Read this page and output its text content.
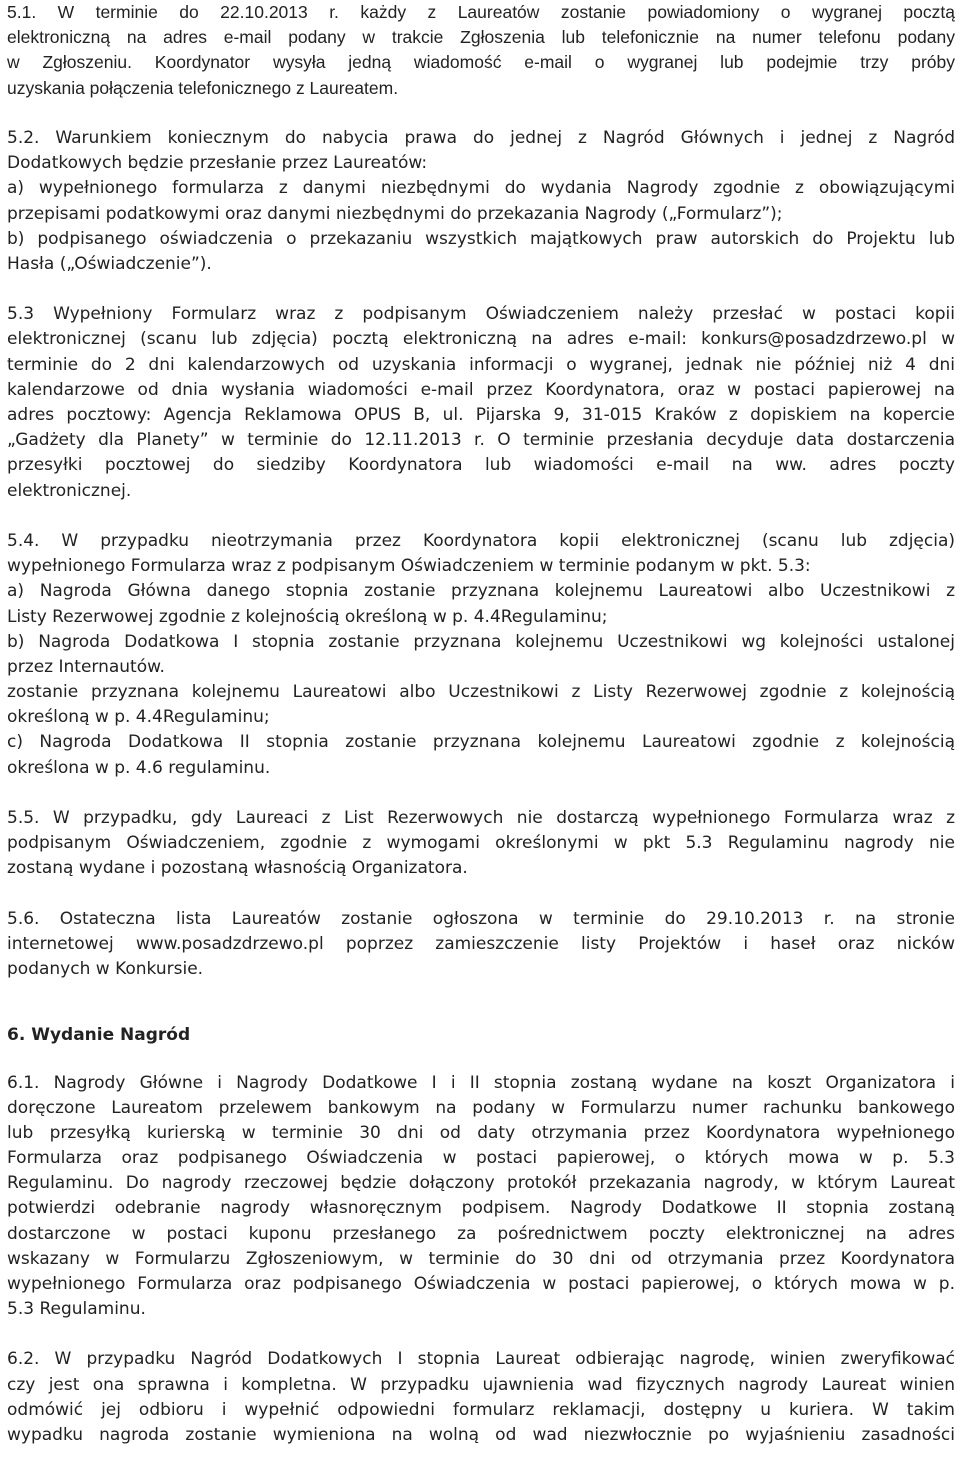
5.1. W terminie do 22.10.2013 r. każdy z Laureatów zostanie powiadomiony o wygranej pocztą
elektroniczną na adres e-mail podany w trakcie Zgłoszenia lub telefonicznie na numer telefonu podany
w Zgłoszeniu. Koordynator wysyła jedną wiadomość e-mail o wygranej lub podejmie trzy próby
uzyskania połączenia telefonicznego z Laureatem.
5.2. Warunkiem koniecznym do nabycia prawa do jednej z Nagród Głównych i jednej z Nagród
Dodatkowych będzie przesłanie przez Laureatów:
a) wypełnionego formularza z danymi niezbędnymi do wydania Nagrody zgodnie z obowiązującymi
przepisami podatkowymi oraz danymi niezbędnymi do przekazania Nagrody („Formularz”);
b) podpisanego oświadczenia o przekazaniu wszystkich majątkowych praw autorskich do Projektu lub
Hasła („Oświadczenie”).
5.3 Wypełniony Formularz wraz z podpisanym Oświadczeniem należy przesłać w postaci kopii
elektronicznej (scanu lub zdjęcia) pocztą elektroniczną na adres e-mail: konkurs@posadzdrzewo.pl w
terminie do 2 dni kalendarzowych od uzyskania informacji o wygranej, jednak nie później niż 4 dni
kalendarzowe od dnia wysłania wiadomości e-mail przez Koordynatora, oraz w postaci papierowej na
adres pocztowy: Agencja Reklamowa OPUS B, ul. Pijarska 9, 31-015 Kraków z dopiskiem na kopercie
„Gadżety dla Planety” w terminie do 12.11.2013 r. O terminie przesłania decyduje data dostarczenia
przesyłki pocztowej do siedziby Koordynatora lub wiadomości e-mail na ww. adres poczty
elektronicznej.
5.4. W przypadku nieotrzymania przez Koordynatora kopii elektronicznej (scanu lub zdjęcia)
wypełnionego Formularza wraz z podpisanym Oświadczeniem w terminie podanym w pkt. 5.3:
a) Nagroda Główna danego stopnia zostanie przyznana kolejnemu Laureatowi albo Uczestnikowi z
Listy Rezerwowej zgodnie z kolejnością określoną w p. 4.4Regulaminu;
b) Nagroda Dodatkowa I stopnia zostanie przyznana kolejnemu Uczestnikowi wg kolejności ustalonej
przez Internautów.
zostanie przyznana kolejnemu Laureatowi albo Uczestnikowi z Listy Rezerwowej zgodnie z kolejnością
określoną w p. 4.4Regulaminu;
c) Nagroda Dodatkowa II stopnia zostanie przyznana kolejnemu Laureatowi zgodnie z kolejnością
określona w p. 4.6 regulaminu.
5.5. W przypadku, gdy Laureaci z List Rezerwowych nie dostarczą wypełnionego Formularza wraz z
podpisanym Oświadczeniem, zgodnie z wymogami określonymi w pkt 5.3 Regulaminu nagrody nie
zostaną wydane i pozostaną własnością Organizatora.
5.6. Ostateczna lista Laureatów zostanie ogłoszona w terminie do 29.10.2013 r. na stronie
internetowej www.posadzdrzewo.pl poprzez zamieszczenie listy Projektów i haseł oraz nicków
podanych w Konkursie.
6. Wydanie Nagród
6.1. Nagrody Główne i Nagrody Dodatkowe I i II stopnia zostaną wydane na koszt Organizatora i
doręczone Laureatom przelewem bankowym na podany w Formularzu numer rachunku bankowego
lub przesyłką kurierską w terminie 30 dni od daty otrzymania przez Koordynatora wypełnionego
Formularza oraz podpisanego Oświadczenia w postaci papierowej, o których mowa w p. 5.3
Regulaminu. Do nagrody rzeczowej będzie dołączony protokół przekazania nagrody, w którym Laureat
potwierdzi odebranie nagrody własnoręcznym podpisem. Nagrody Dodatkowe II stopnia zostaną
dostarczone w postaci kuponu przesłanego za pośrednictwem poczty elektronicznej na adres
wskazany w Formularzu Zgłoszeniowym, w terminie do 30 dni od otrzymania przez Koordynatora
wypełnionego Formularza oraz podpisanego Oświadczenia w postaci papierowej, o których mowa w p.
5.3 Regulaminu.
6.2. W przypadku Nagród Dodatkowych I stopnia Laureat odbierając nagrodę, winien zweryfikować
czy jest ona sprawna i kompletna. W przypadku ujawnienia wad fizycznych nagrody Laureat winien
odmówić jej odbioru i wypełnić odpowiedni formularz reklamacji, dostępny u kuriera. W takim
wypadku nagroda zostanie wymieniona na wolną od wad niezwłocznie po wyjaśnieniu zasadności
